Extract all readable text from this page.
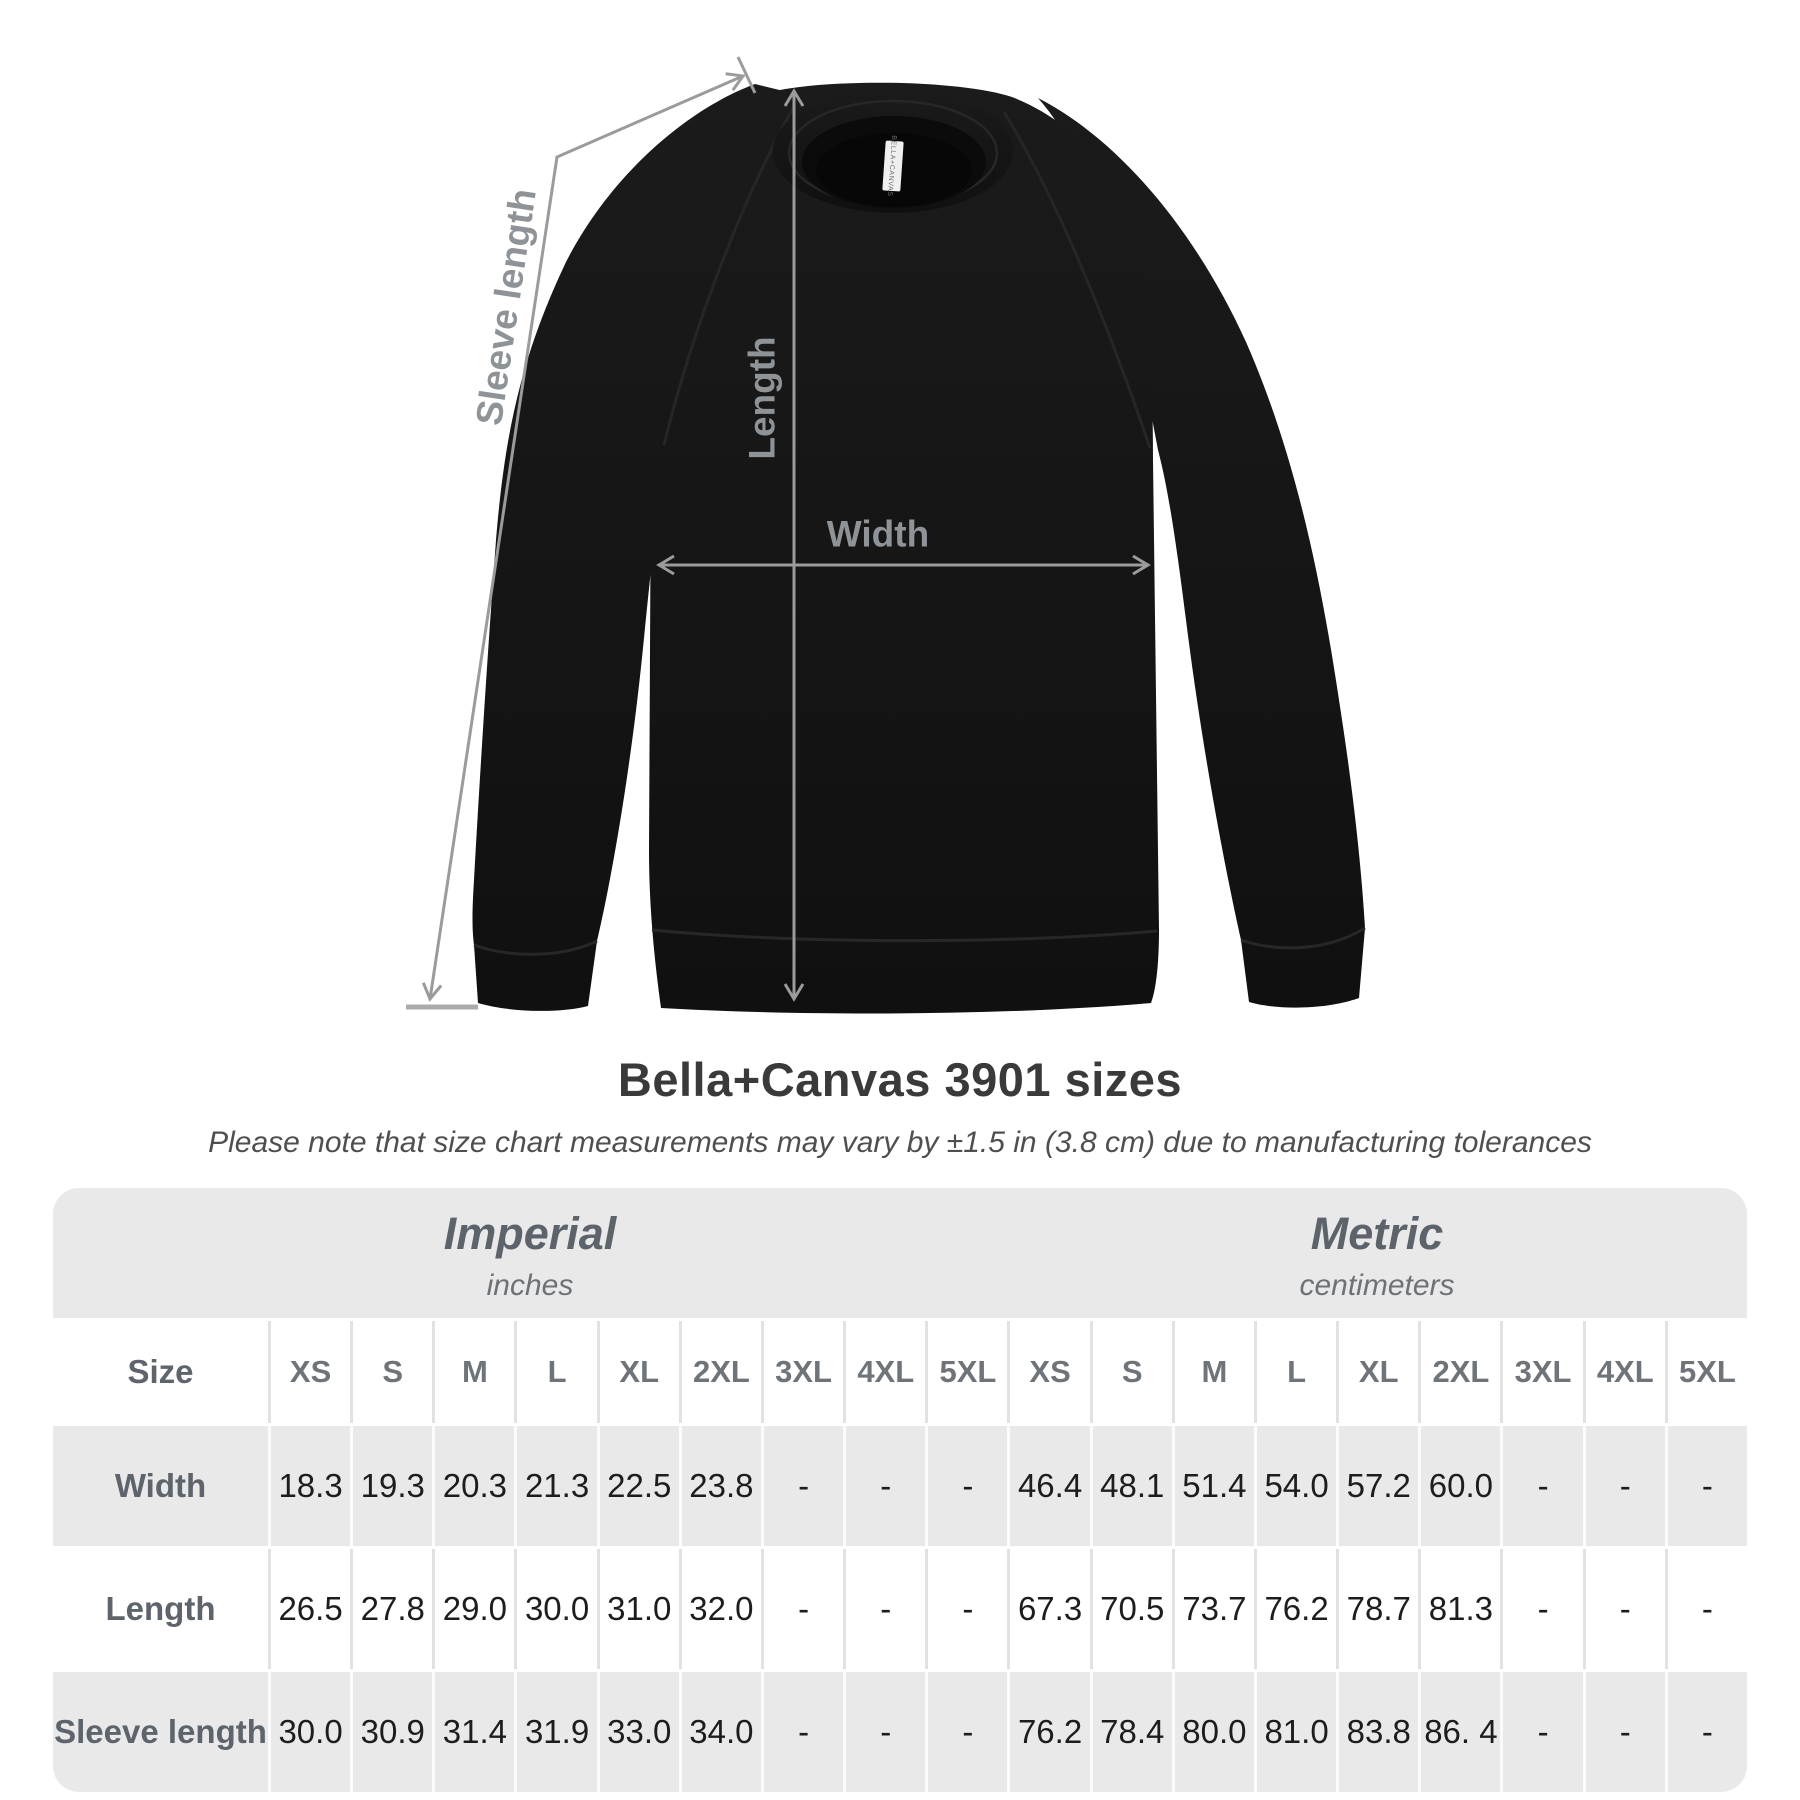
BELLA+CANVAS
Sleeve length	Length
Width
Bella+Canvas 3901 sizes
Please note that size chart measurements may vary by ±1.5 in (3.8 cm) due to manufacturing tolerances
Imperial
inches
Metric
centimeters
Size	XS	S	M	L	XL	2XL 3XL 4XL 5XL	XS	S	M	L	XL	2XL 3XL 4XL 5XL
Width	18.3 19.3 20.3 21.3 22.5 23.8	-	-	-	46.4 48.1 51.4 54.0 57.2 60.0	-	-	-
Length	26.5 27.8 29.0 30.0 31.0 32.0	-	-	-	67.3 70.5 73.7 76.2 78.7 81.3	-	-	-
Sleeve length 30.0 30.9 31.4 31.9 33.0 34.0	-	-	-	76.2 78.4 80.0 81.0 83.8 86. 4	-	-	-
